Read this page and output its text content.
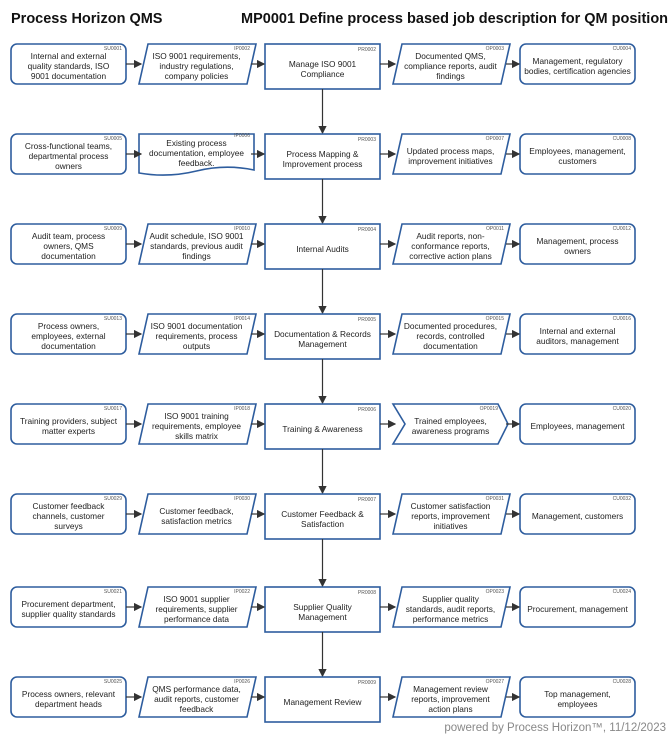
Process Horizon QMS	MP0001 Define process based job description for QM position
Internal and external quality standards, ISO 9001 documentation
SU0001
ISO 9001 requirements, industry regulations, company policies
IP0002
Manage ISO 9001 Compliance
PR0002
Documented QMS, compliance reports, audit findings
OP0003
Management, regulatory bodies, certification agencies
CU0004
Cross-functional teams, departmental process owners
SU0005	Existing process documentation, employee feedback.
IP0006
Process Mapping & Improvement process
PR0003
Updated process maps, improvement initiatives
OP0007
Employees, management, customers
CU0008
Audit team, process owners, QMS documentation
SU0009
Audit schedule, ISO 9001 standards, previous audit findings
IP0010
Internal Audits
PR0004
Audit reports, non-conformance reports, corrective action plans
OP0011
Management, process owners
CU0012
Process owners, employees, external documentation
SU0013
ISO 9001 documentation requirements, process outputs
IP0014
Documentation & Records Management
PR0005
Documented procedures, records, controlled documentation
OP0015
Internal and external auditors, management
CU0016
Training providers, subject matter experts
SU0017
ISO 9001 training requirements, employee skills matrix
IP0018
Training & Awareness
PR0006
Trained employees, awareness programs
OP0019
Employees, management
CU0020
Customer feedback channels, customer surveys
SU0029
Customer feedback, satisfaction metrics
IP0030
Customer Feedback & Satisfaction
PR0007
Customer satisfaction reports, improvement initiatives
OP0031
Management, customers
CU0032
Procurement department, supplier quality standards
SU0021
ISO 9001 supplier requirements, supplier performance data
IP0022
Supplier Quality Management
PR0008
Supplier quality standards, audit reports, performance metrics
OP0023
Procurement, management
CU0024
Process owners, relevant department heads
SU0025
QMS performance data, audit reports, customer feedback
IP0026
Management Review
PR0009
Management review reports, improvement action plans
OP0027
Top management, employees
CU0028
powered by Process Horizon™, 11/12/2023
